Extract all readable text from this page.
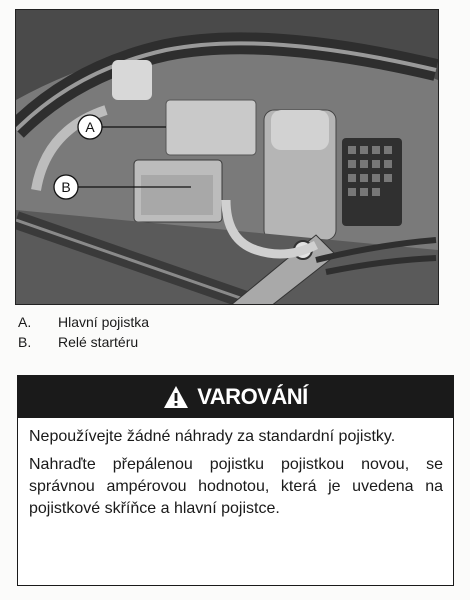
A
B
A.	Hlavní pojistka
B.	Relé startéru
VAROVÁNÍ

Nepoužívejte žádné náhrady za standardní pojistky.

Nahraďte přepálenou pojistku pojistkou novou, se správnou ampérovou hodnotou, která je uvedena na pojistkové skříňce a hlavní pojistce.
